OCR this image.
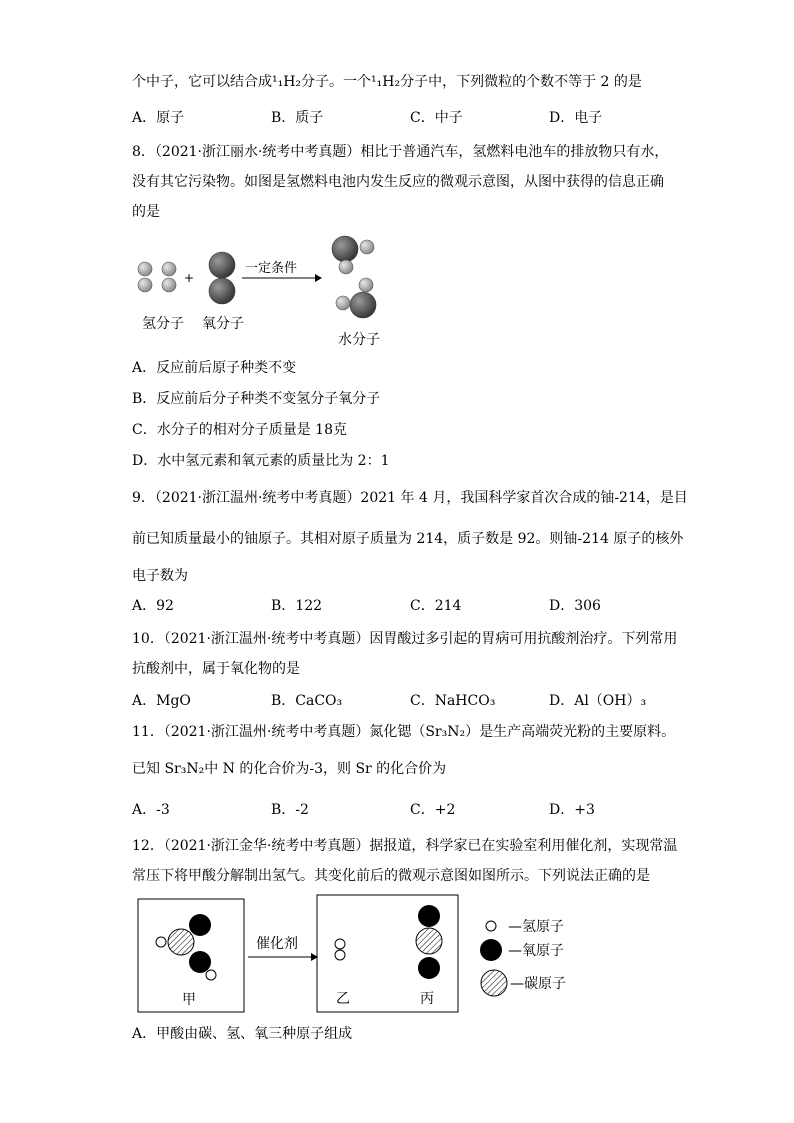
个中子，它可以结合成¹₁H₂分子。一个¹₁H₂分子中，下列微粒的个数不等于 2 的是
A．原子	B．质子	C．中子	D．电子
8．（2021·浙江丽水·统考中考真题）相比于普通汽车，氢燃料电池车的排放物只有水，
没有其它污染物。如图是氢燃料电池内发生反应的微观示意图，从图中获得的信息正确
的是
+
一定条件
氢分子 氧分子
水分子
A．反应前后原子种类不变
B．反应前后分子种类不变氢分子氧分子
C．水分子的相对分子质量是 18克
D．水中氢元素和氧元素的质量比为 2：1
9．（2021·浙江温州·统考中考真题）2021 年 4 月，我国科学家首次合成的铀-214，是目
前已知质量最小的铀原子。其相对原子质量为 214，质子数是 92。则铀-214 原子的核外
电子数为
A．92	B．122	C．214	D．306
10．（2021·浙江温州·统考中考真题）因胃酸过多引起的胃病可用抗酸剂治疗。下列常用
抗酸剂中，属于氧化物的是
A．MgO	B．CaCO₃	C．NaHCO₃	D．Al（OH）₃
11．（2021·浙江温州·统考中考真题）氮化锶（Sr₃N₂）是生产高端荧光粉的主要原料。
已知 Sr₃N₂中 N 的化合价为-3，则 Sr 的化合价为
A．-3	B．-2	C．+2	D．+3
12．（2021·浙江金华·统考中考真题）据报道，科学家已在实验室利用催化剂，实现常温
常压下将甲酸分解制出氢气。其变化前后的微观示意图如图所示。下列说法正确的是
甲
催化剂
乙	丙
—氢原子
—氧原子
—碳原子
A．甲酸由碳、氢、氧三种原子组成
